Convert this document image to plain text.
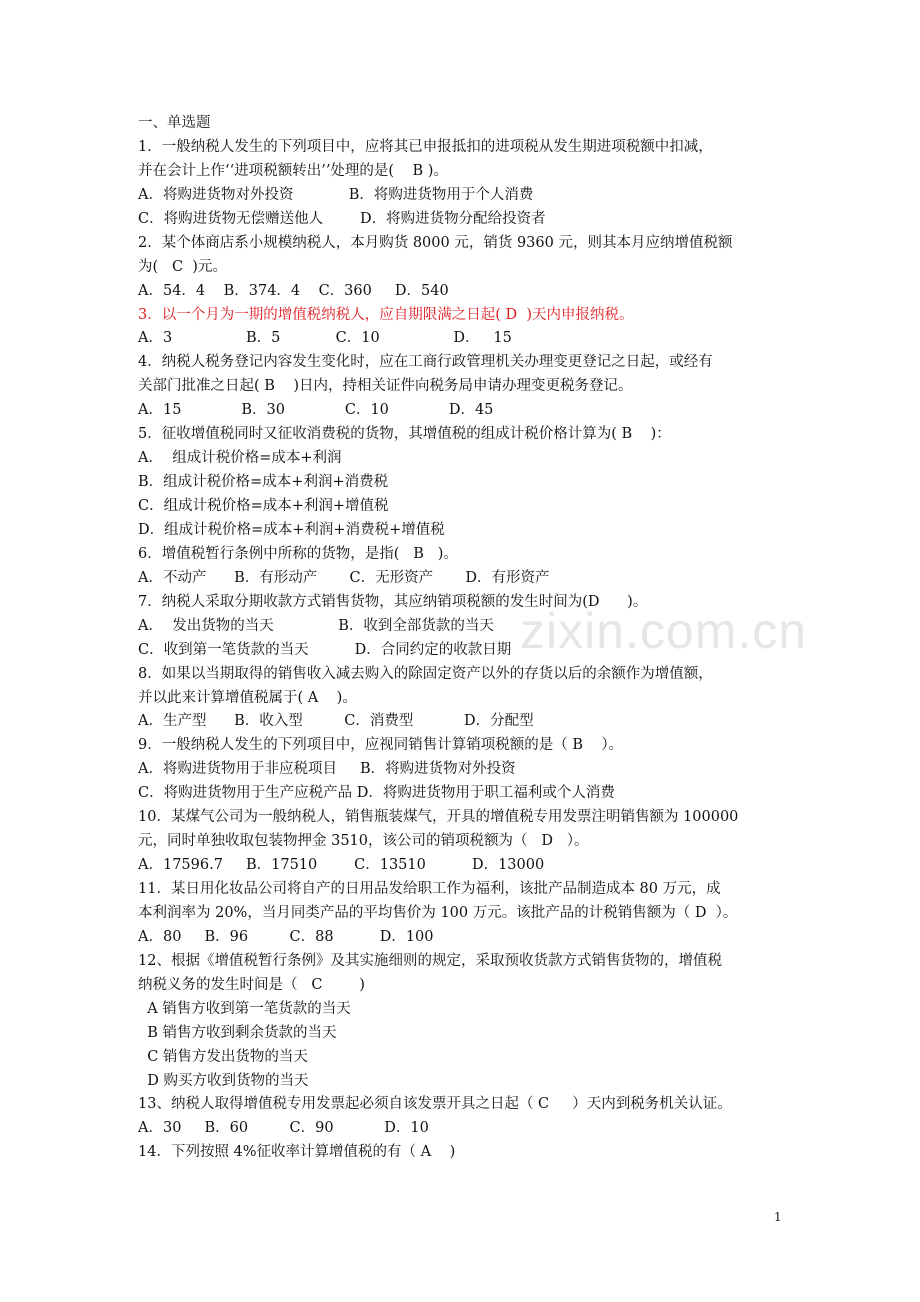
zixin.com.cn
一、单选题
1．一般纳税人发生的下列项目中，应将其已申报抵扣的进项税从发生期进项税额中扣减，
并在会计上作‘‘进项税额转出’’处理的是(    B )。
A．将购进货物对外投资            B．将购进货物用于个人消费
C．将购进货物无偿赠送他人        D．将购进货物分配给投资者
2．某个体商店系小规模纳税人，本月购货 8000 元，销货 9360 元，则其本月应纳增值税额
为(   C  )元。
A．54．4    B．374．4    C．360     D．540
3．以一个月为一期的增值税纳税人，应自期限满之日起( D  )天内申报纳税。
A．3                B．5            C．10                D．   15
4．纳税人税务登记内容发生变化时，应在工商行政管理机关办理变更登记之日起，或经有
关部门批准之日起( B    )日内，持相关证件向税务局申请办理变更税务登记。
A．15             B．30             C．10             D．45
5．征收增值税同时又征收消费税的货物，其增值税的组成计税价格计算为( B    )：
A．  组成计税价格=成本+利润
B．组成计税价格=成本+利润+消费税
C．组成计税价格=成本+利润+增值税
D．组成计税价格=成本+利润+消费税+增值税
6．增值税暂行条例中所称的货物，是指(   B   )。
A．不动产      B．有形动产       C．无形资产       D．有形资产
7．纳税人采取分期收款方式销售货物，其应纳销项税额的发生时间为(D      )。
A．  发出货物的当天              B．收到全部货款的当天
C．收到第一笔货款的当天          D．合同约定的收款日期
8．如果以当期取得的销售收入减去购入的除固定资产以外的存货以后的余额作为增值额，
并以此来计算增值税属于( A    )。
A．生产型      B．收入型         C．消费型           D．分配型
9．一般纳税人发生的下列项目中，应视同销售计算销项税额的是（ B    ）。
A．将购进货物用于非应税项目     B．将购进货物对外投资
C．将购进货物用于生产应税产品 D．将购进货物用于职工福利或个人消费
10．某煤气公司为一般纳税人，销售瓶装煤气，开具的增值税专用发票注明销售额为 100000
元，同时单独收取包装物押金 3510，该公司的销项税额为（   D   ）。
A．17596.7     B．17510        C．13510          D．13000
11．某日用化妆品公司将自产的日用品发给职工作为福利，该批产品制造成本 80 万元，成
本利润率为 20%，当月同类产品的平均售价为 100 万元。该批产品的计税销售额为（ D  ）。
A．80     B．96         C．88          D．100
12、根据《增值税暂行条例》及其实施细则的规定，采取预收货款方式销售货物的，增值税
纳税义务的发生时间是（   C        )
A 销售方收到第一笔货款的当天
B 销售方收到剩余货款的当天
C 销售方发出货物的当天
D 购买方收到货物的当天
13、纳税人取得增值税专用发票起必须自该发票开具之日起（ C     ）天内到税务机关认证。
A．30     B．60         C．90           D．10
14．下列按照 4%征收率计算增值税的有（ A    )
1
